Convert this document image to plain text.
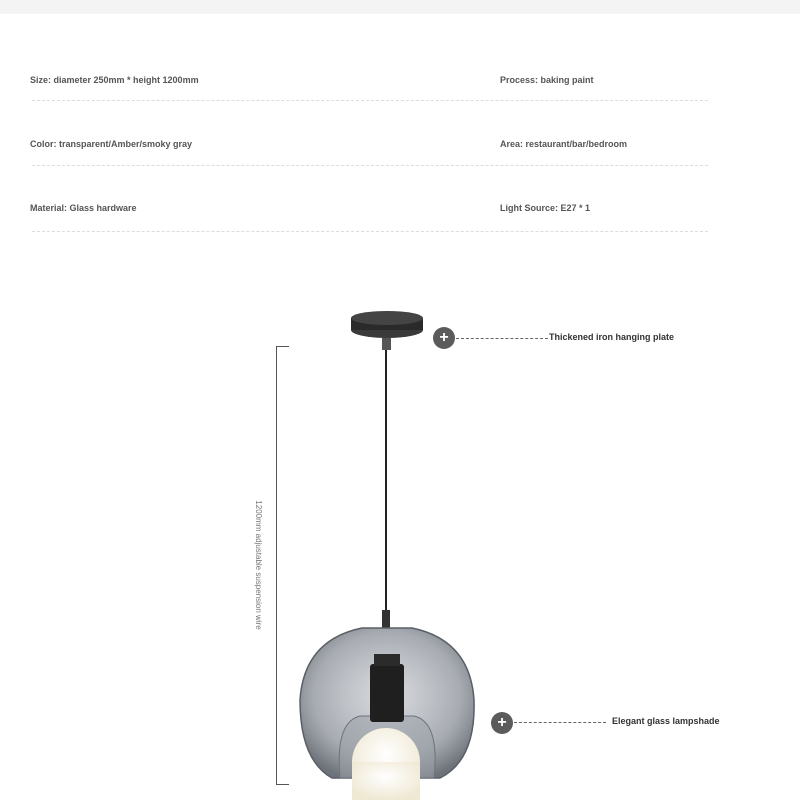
Size: diameter 250mm * height 1200mm	Process: baking paint
Color: transparent/Amber/smoky gray	Area: restaurant/bar/bedroom
Material: Glass hardware	Light Source: E27 * 1
1200mm adjustable suspension wire
+	Thickened iron hanging plate
+	Elegant glass lampshade
